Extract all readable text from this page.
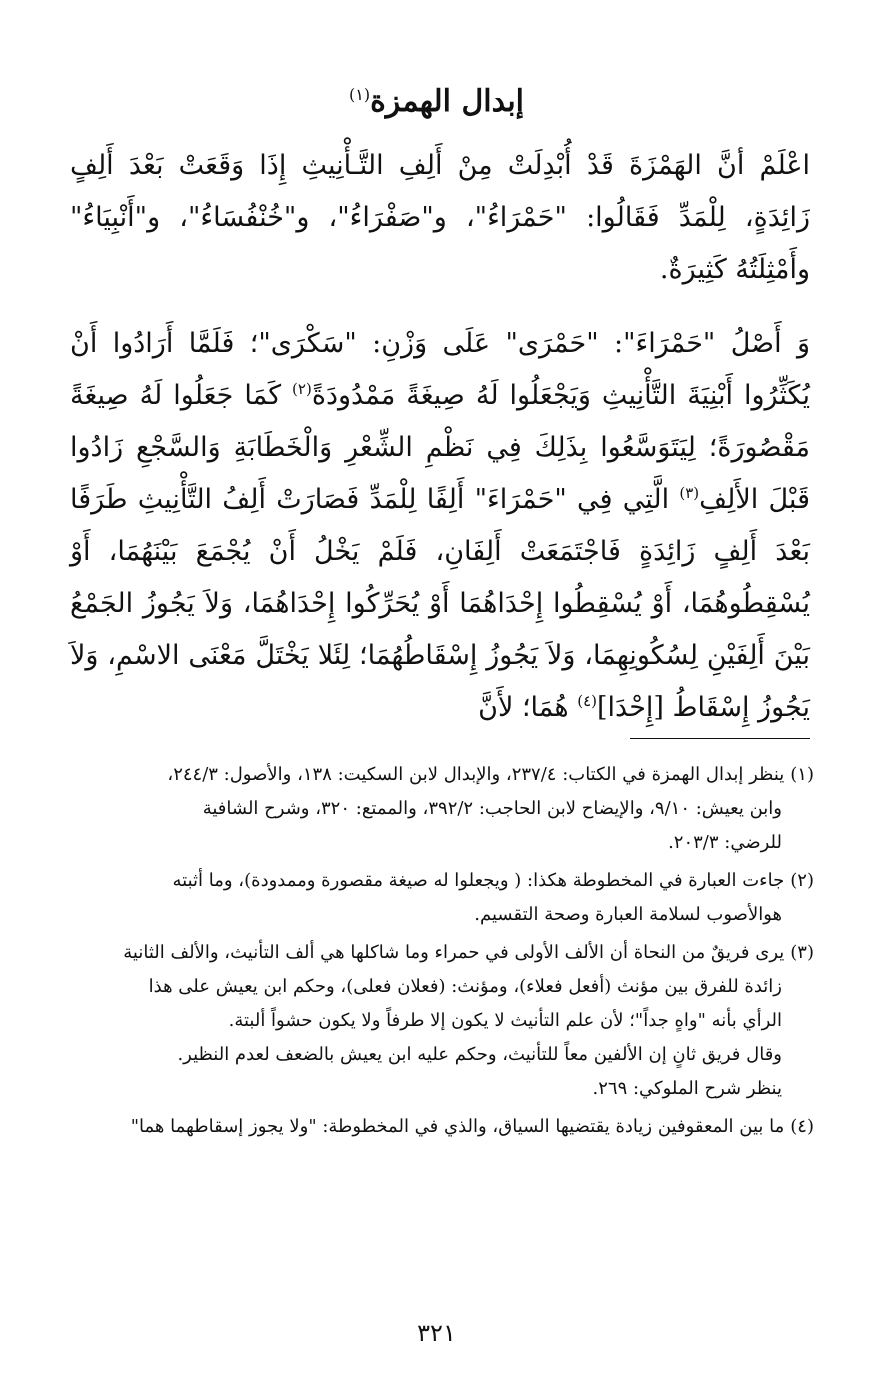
إبدال الهمزة$^{(١)}$

اعْلَمْ أنَّ الهَمْزَةَ قَدْ أُبْدِلَتْ مِنْ أَلِفِ التَّـأْنِيثِ إِذَا وَقَعَتْ بَعْدَ أَلِفٍ زَائِدَةٍ، لِلْمَدِّ فَقَالُوا: "حَمْرَاءُ"، و"صَفْرَاءُ"، و"خُنْفُسَاءُ"، و"أَنْبِيَاءُ" وأَمْثِلَتُهُ كَثِيرَةٌ.

وَ أَصْلُ "حَمْرَاءَ": "حَمْرَى" عَلَى وَزْنِ: "سَكْرَى"؛ فَلَمَّا أَرَادُوا أَنْ يُكَثِّرُوا أَبْنِيَةَ التَّأْنِيثِ وَيَجْعَلُوا لَهُ صِيغَةً مَمْدُودَةً$^{(٢)}$ كَمَا جَعَلُوا لَهُ صِيغَةً مَقْصُورَةً؛ لِيَتَوَسَّعُوا بِذَلِكَ فِي نَظْمِ الشِّعْرِ وَالْخَطَابَةِ وَالسَّجْعِ زَادُوا قَبْلَ الأَلِفِ$^{(٣)}$ الَّتِي فِي "حَمْرَاءَ" أَلِفًا لِلْمَدِّ فَصَارَتْ أَلِفُ التَّأْنِيثِ طَرَفًا بَعْدَ أَلِفٍ زَائِدَةٍ فَاجْتَمَعَتْ أَلِفَانِ، فَلَمْ يَخْلُ أَنْ يُجْمَعَ بَيْنَهُمَا، أَوْ يُسْقِطُوهُمَا، أَوْ يُسْقِطُوا إِحْدَاهُمَا أَوْ يُحَرِّكُوا إِحْدَاهُمَا، وَلاَ يَجُوزُ الجَمْعُ بَيْنَ أَلِفَيْنِ لِسُكُونِهِمَا، وَلاَ يَجُوزُ إِسْقَاطُهُمَا؛ لِئَلا يَخْتَلَّ مَعْنَى الاسْمِ، وَلاَ يَجُوزُ إِسْقَاطُ [إِحْدَا]$^{(٤)}$ هُمَا؛ لأَنَّ

(١)ينظر إبدال الهمزة في الكتاب: ٢٣٧/٤، والإبدال لابن السكيت: ١٣٨، والأصول: ٢٤٤/٣،
وابن يعيش: ٩/١٠، والإيضاح لابن الحاجب: ٣٩٢/٢، والممتع: ٣٢٠، وشرح الشافية
للرضي: ٢٠٣/٣.
(٢)جاءت العبارة في المخطوطة هكذا: ( ويجعلوا له صيغة مقصورة وممدودة)، وما أثبته
هوالأصوب لسلامة العبارة وصحة التقسيم.
(٣)يرى فريقٌ من النحاة أن الألف الأولى في حمراء وما شاكلها هي ألف التأنيث، والألف الثانية
زائدة للفرق بين مؤنث (أفعل فعلاء)، ومؤنث: (فعلان فعلى)، وحكم ابن يعيش على هذا
الرأي بأنه "واهٍ جداً"؛ لأن علم التأنيث لا يكون إلا طرفاً ولا يكون حشواً ألبتة.
وقال فريق ثانٍ إن الألفين معاً للتأنيث، وحكم عليه ابن يعيش بالضعف لعدم النظير.
ينظر شرح الملوكي: ٢٦٩.
(٤)ما بين المعقوفين زيادة يقتضيها السياق، والذي في المخطوطة: "ولا يجوز إسقاطهما هما"
٣٢١
